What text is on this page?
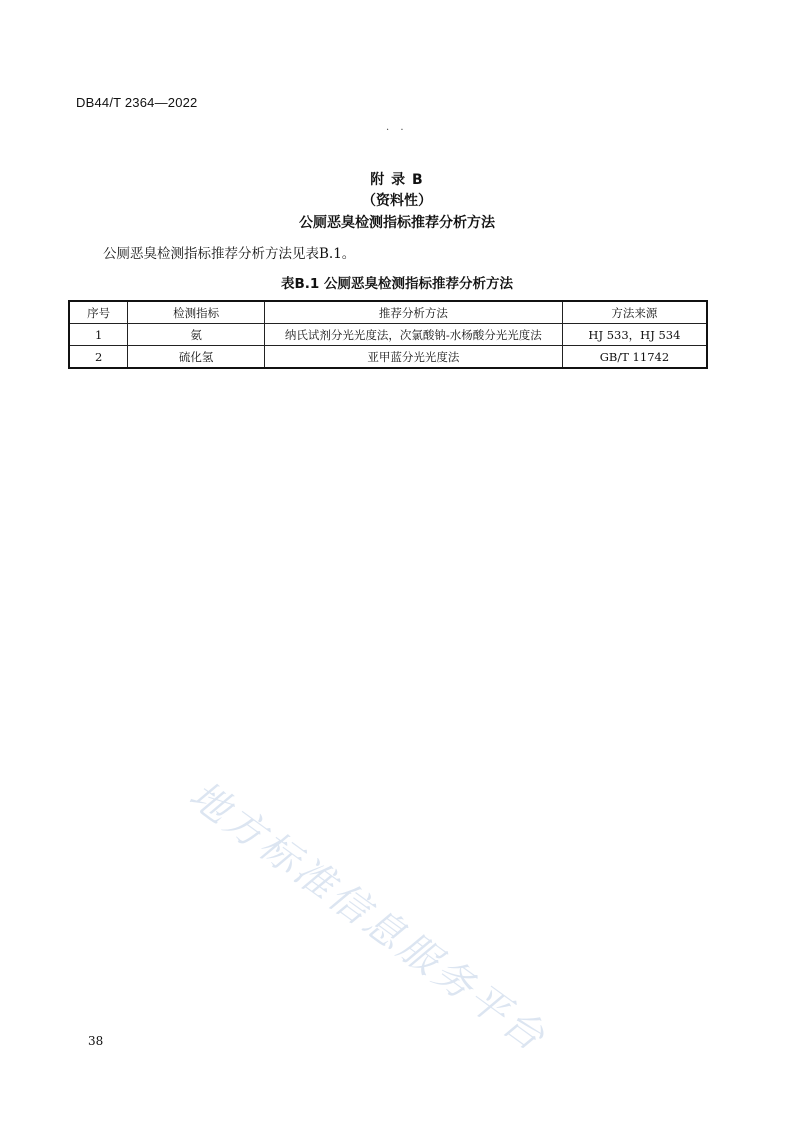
DB44/T 2364—2022
. .
附 录 B
（资料性）
公厕恶臭检测指标推荐分析方法
公厕恶臭检测指标推荐分析方法见表B.1。
表B.1 公厕恶臭检测指标推荐分析方法
序号	检测指标	推荐分析方法	方法来源
1	氨	纳氏试剂分光光度法，次氯酸钠-水杨酸分光光度法	HJ 533，HJ 534
2	硫化氢	亚甲蓝分光光度法	GB/T 11742
地方标准信息服务平台
38
